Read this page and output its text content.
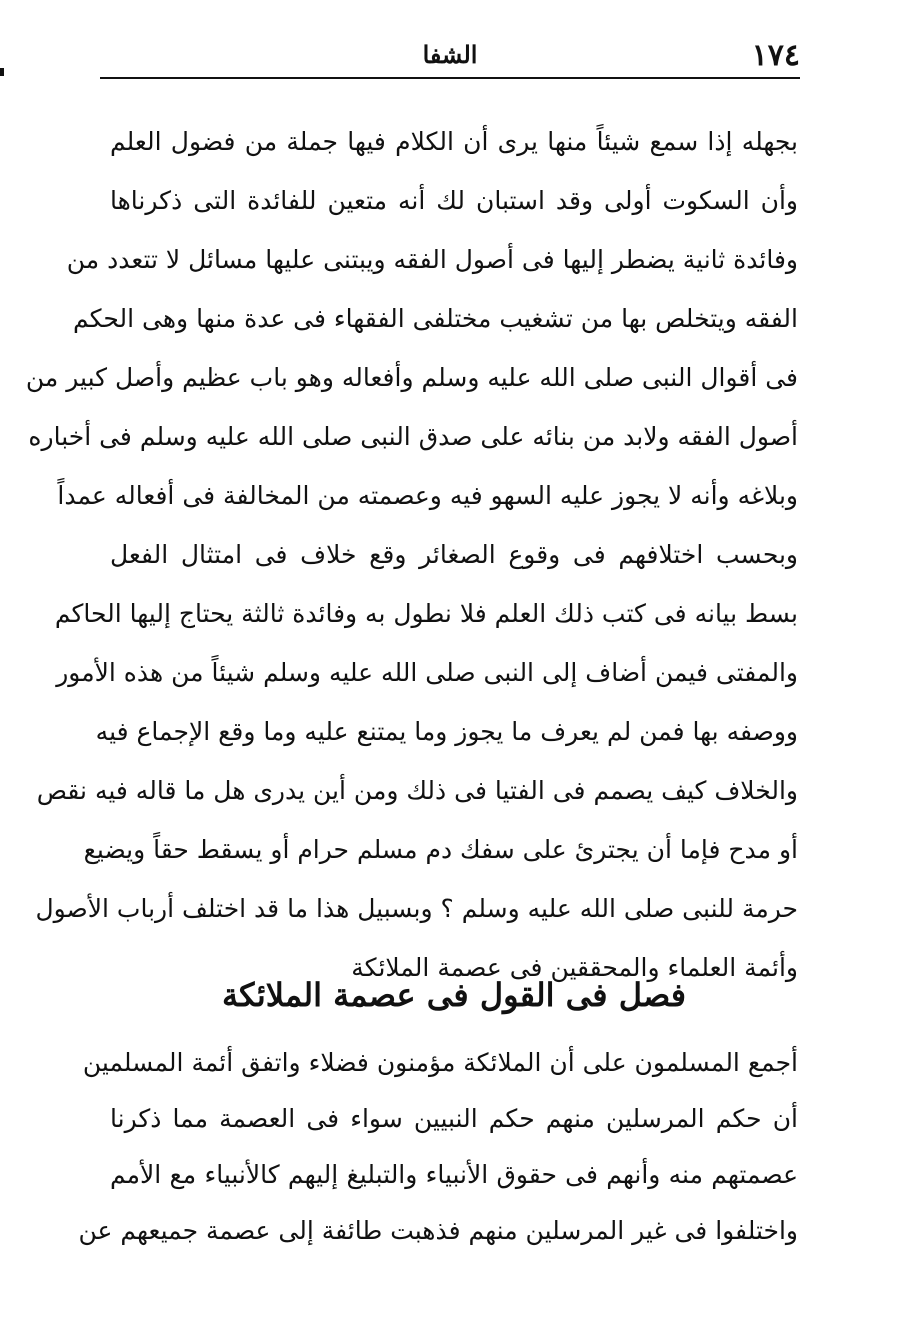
١٧٤
الشفا
بجهله إذا سمع شيئاً منها يرى أن الكلام فيها جملة من فضول العلم
وأن السكوت أولى وقد استبان لك أنه متعين للفائدة التى ذكرناها
وفائدة ثانية يضطر إليها فى أصول الفقه ويبتنى عليها مسائل لا تتعدد من
الفقه ويتخلص بها من تشغيب مختلفى الفقهاء فى عدة منها وهى الحكم
فى أقوال النبى صلى الله عليه وسلم وأفعاله وهو باب عظيم وأصل كبير من
أصول الفقه ولابد من بنائه على صدق النبى صلى الله عليه وسلم فى أخباره
وبلاغه وأنه لا يجوز عليه السهو فيه وعصمته من المخالفة فى أفعاله عمداً
وبحسب اختلافهم فى وقوع الصغائر وقع خلاف فى امتثال الفعل
بسط بيانه فى كتب ذلك العلم فلا نطول به وفائدة ثالثة يحتاج إليها الحاكم
والمفتى فيمن أضاف إلى النبى صلى الله عليه وسلم شيئاً من هذه الأمور
ووصفه بها فمن لم يعرف ما يجوز وما يمتنع عليه وما وقع الإجماع فيه
والخلاف كيف يصمم فى الفتيا فى ذلك ومن أين يدرى هل ما قاله فيه نقص
أو مدح فإما أن يجترئ على سفك دم مسلم حرام أو يسقط حقاً ويضيع
حرمة للنبى صلى الله عليه وسلم ؟ وبسبيل هذا ما قد اختلف أرباب الأصول
وأئمة العلماء والمحققين فى عصمة الملائكة
فصل فى القول فى عصمة الملائكة
أجمع المسلمون على أن الملائكة مؤمنون فضلاء واتفق أئمة المسلمين
أن حكم المرسلين منهم حكم النبيين سواء فى العصمة مما ذكرنا
عصمتهم منه وأنهم فى حقوق الأنبياء والتبليغ إليهم كالأنبياء مع الأمم
واختلفوا فى غير المرسلين منهم فذهبت طائفة إلى عصمة جميعهم عن
